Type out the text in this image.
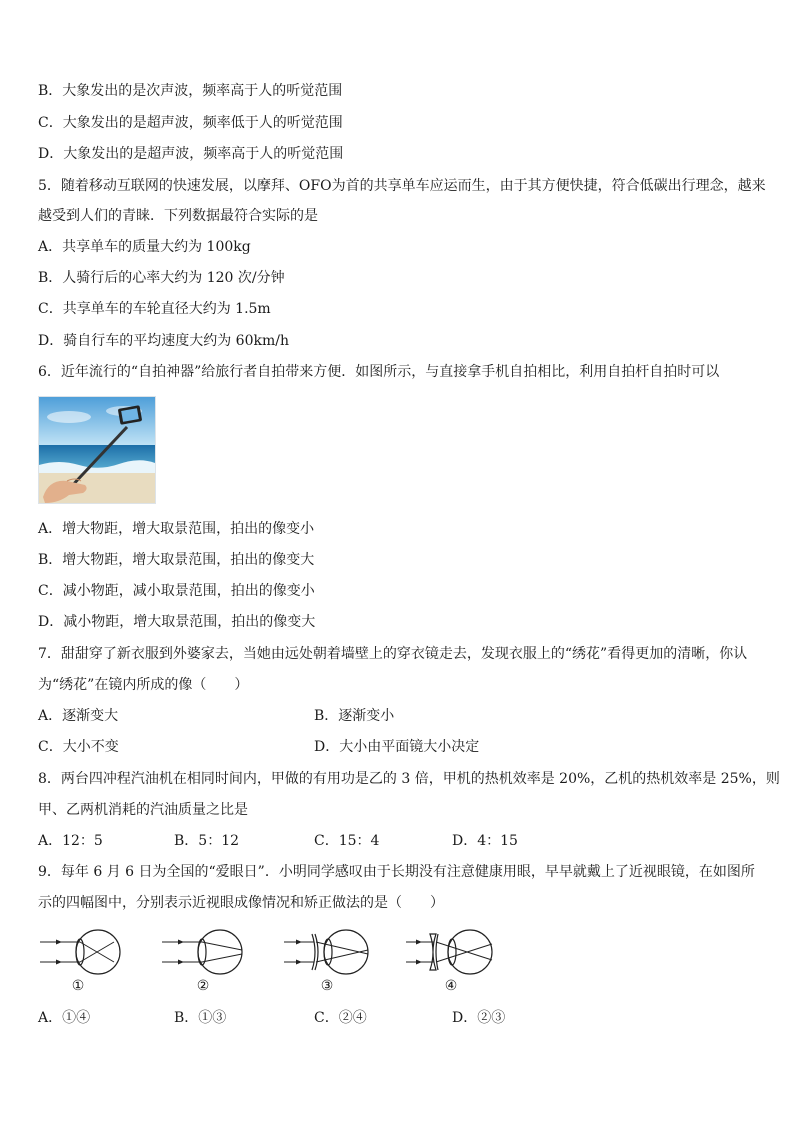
B．大象发出的是次声波，频率高于人的听觉范围
C．大象发出的是超声波，频率低于人的听觉范围
D．大象发出的是超声波，频率高于人的听觉范围
5．随着移动互联网的快速发展，以摩拜、OFO为首的共享单车应运而生，由于其方便快捷，符合低碳出行理念，越来
越受到人们的青睐．下列数据最符合实际的是
A．共享单车的质量大约为 100kg
B．人骑行后的心率大约为 120 次/分钟
C．共享单车的车轮直径大约为 1.5m
D．骑自行车的平均速度大约为 60km/h
6．近年流行的“自拍神器”给旅行者自拍带来方便．如图所示，与直接拿手机自拍相比，利用自拍杆自拍时可以
A．增大物距，增大取景范围，拍出的像变小
B．增大物距，增大取景范围，拍出的像变大
C．减小物距，减小取景范围，拍出的像变小
D．减小物距，增大取景范围，拍出的像变大
7．甜甜穿了新衣服到外婆家去，当她由远处朝着墙壁上的穿衣镜走去，发现衣服上的“绣花”看得更加的清晰，你认
为“绣花”在镜内所成的像（　　）
A．逐渐变大	B．逐渐变小
C．大小不变	D．大小由平面镜大小决定
8．两台四冲程汽油机在相同时间内，甲做的有用功是乙的 3 倍，甲机的热机效率是 20%，乙机的热机效率是 25%，则
甲、乙两机消耗的汽油质量之比是
A．12：5	B．5：12	C．15：4	D．4：15
9．每年 6 月 6 日为全国的“爱眼日”．小明同学感叹由于长期没有注意健康用眼，早早就戴上了近视眼镜，在如图所
示的四幅图中，分别表示近视眼成像情况和矫正做法的是（　　）
①	②	③	④
A．①④	B．①③	C．②④	D．②③
